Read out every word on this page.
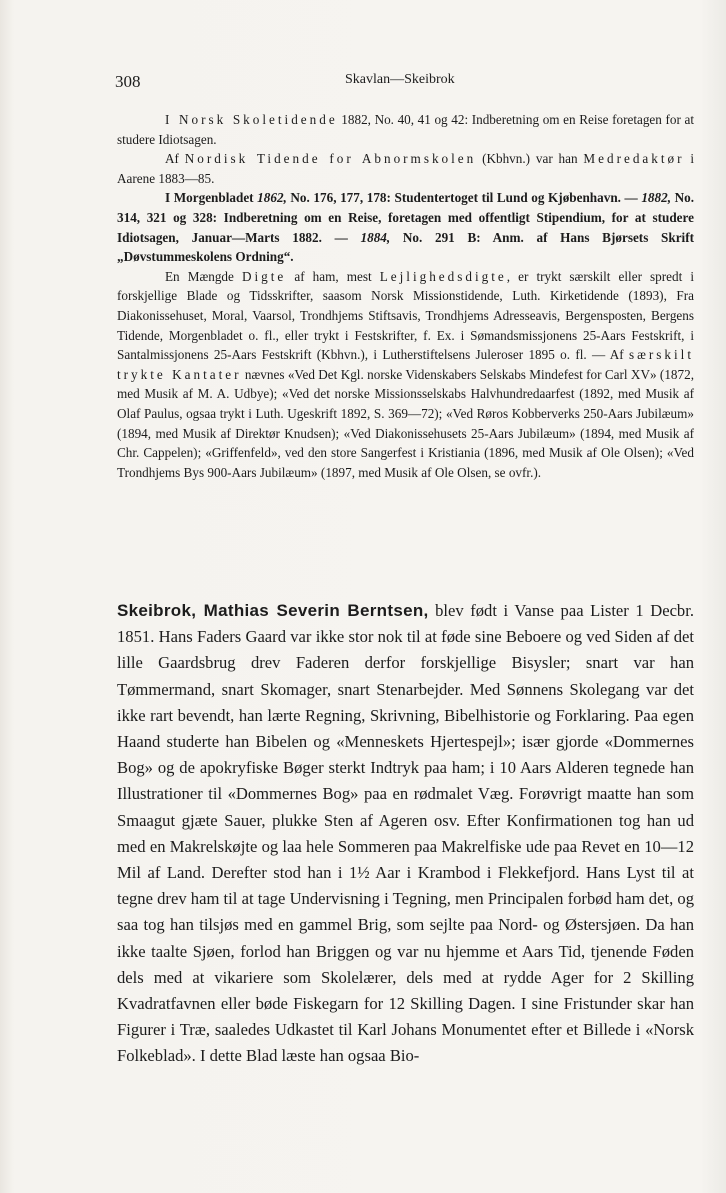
308	Skavlan—Skeibrok

I Norsk Skoletidende 1882, No. 40, 41 og 42: Indberetning om en Reise foretagen for at studere Idiotsagen.

Af Nordisk Tidende for Abnormskolen (Kbhvn.) var han Medredaktør i Aarene 1883—85.

I Morgenbladet 1862, No. 176, 177, 178: Studentertoget til Lund og Kjøbenhavn. — 1882, No. 314, 321 og 328: Indberetning om en Reise, foretagen med offentligt Stipendium, for at studere Idiotsagen, Januar—Marts 1882. — 1884, No. 291 B: Anm. af Hans Bjørsets Skrift „Døvstummeskolens Ordning“.

En Mængde Digte af ham, mest Lejlighedsdigte, er trykt særskilt eller spredt i forskjellige Blade og Tidsskrifter, saasom Norsk Missionstidende, Luth. Kirketidende (1893), Fra Diakonissehuset, Moral, Vaarsol, Trondhjems Stiftsavis, Trondhjems Adresseavis, Bergensposten, Bergens Tidende, Morgenbladet o. fl., eller trykt i Festskrifter, f. Ex. i Sømandsmissjonens 25-Aars Festskrift, i Santalmissjonens 25-Aars Festskrift (Kbhvn.), i Lutherstiftelsens Juleroser 1895 o. fl. — Af særskilt trykte Kantater nævnes «Ved Det Kgl. norske Videnskabers Selskabs Mindefest for Carl XV» (1872, med Musik af M. A. Udbye); «Ved det norske Missionsselskabs Halvhundredaarfest (1892, med Musik af Olaf Paulus, ogsaa trykt i Luth. Ugeskrift 1892, S. 369—72); «Ved Røros Kobberverks 250-Aars Jubilæum» (1894, med Musik af Direktør Knudsen); «Ved Diakonissehusets 25-Aars Jubilæum» (1894, med Musik af Chr. Cappelen); «Griffenfeld», ved den store Sangerfest i Kristiania (1896, med Musik af Ole Olsen); «Ved Trondhjems Bys 900-Aars Jubilæum» (1897, med Musik af Ole Olsen, se ovfr.).

Skeibrok, Mathias Severin Berntsen, blev født i Vanse paa Lister 1 Decbr. 1851. Hans Faders Gaard var ikke stor nok til at føde sine Beboere og ved Siden af det lille Gaardsbrug drev Faderen derfor forskjellige Bisysler; snart var han Tømmermand, snart Skomager, snart Stenarbejder. Med Sønnens Skolegang var det ikke rart bevendt, han lærte Regning, Skrivning, Bibelhistorie og Forklaring. Paa egen Haand studerte han Bibelen og «Menneskets Hjertespejl»; især gjorde «Dommernes Bog» og de apokryfiske Bøger sterkt Indtryk paa ham; i 10 Aars Alderen tegnede han Illustrationer til «Dommernes Bog» paa en rødmalet Væg. Forøvrigt maatte han som Smaagut gjæte Sauer, plukke Sten af Ageren osv. Efter Konfirmationen tog han ud med en Makrelskøjte og laa hele Sommeren paa Makrelfiske ude paa Revet en 10—12 Mil af Land. Derefter stod han i 1½ Aar i Krambod i Flekkefjord. Hans Lyst til at tegne drev ham til at tage Undervisning i Tegning, men Principalen forbød ham det, og saa tog han tilsjøs med en gammel Brig, som sejlte paa Nord- og Østersjøen. Da han ikke taalte Sjøen, forlod han Briggen og var nu hjemme et Aars Tid, tjenende Føden dels med at vikariere som Skolelærer, dels med at rydde Ager for 2 Skilling Kvadratfavnen eller bøde Fiskegarn for 12 Skilling Dagen. I sine Fristunder skar han Figurer i Træ, saaledes Udkastet til Karl Johans Monumentet efter et Billede i «Norsk Folkeblad». I dette Blad læste han ogsaa Bio-
